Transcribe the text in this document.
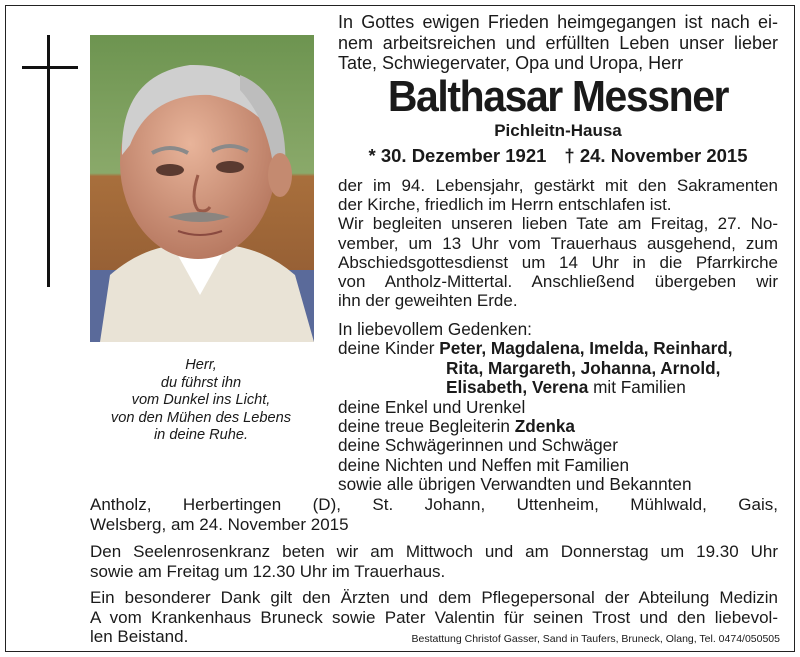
Herr,
du führst ihn
vom Dunkel ins Licht,
von den Mühen des Lebens
in deine Ruhe.
In Gottes ewigen Frieden heimgegangen ist nach ei-
nem arbeitsreichen und erfüllten Leben unser lieber
Tate, Schwiegervater, Opa und Uropa, Herr
Balthasar Messner
Pichleitn-Hausa
* 30. Dezember 1921 † 24. November 2015
der im 94. Lebensjahr, gestärkt mit den Sakramenten
der Kirche, friedlich im Herrn entschlafen ist.
Wir begleiten unseren lieben Tate am Freitag, 27. No-
vember, um 13 Uhr vom Trauerhaus ausgehend, zum
Abschiedsgottesdienst um 14 Uhr in die Pfarrkirche
von Antholz-Mittertal. Anschließend übergeben wir
ihn der geweihten Erde.
In liebevollem Gedenken:
deine Kinder Peter, Magdalena, Imelda, Reinhard,
Rita, Margareth, Johanna, Arnold,
Elisabeth, Verena mit Familien
deine Enkel und Urenkel
deine treue Begleiterin Zdenka
deine Schwägerinnen und Schwäger
deine Nichten und Neffen mit Familien
sowie alle übrigen Verwandten und Bekannten
Antholz, Herbertingen (D), St. Johann, Uttenheim, Mühlwald, Gais,
Welsberg, am 24. November 2015
Den Seelenrosenkranz beten wir am Mittwoch und am Donnerstag um 19.30 Uhr
sowie am Freitag um 12.30 Uhr im Trauerhaus.
Ein besonderer Dank gilt den Ärzten und dem Pflegepersonal der Abteilung Medizin
A vom Krankenhaus Bruneck sowie Pater Valentin für seinen Trost und den liebevol-
len Beistand.	Bestattung Christof Gasser, Sand in Taufers, Bruneck, Olang, Tel. 0474/050505
